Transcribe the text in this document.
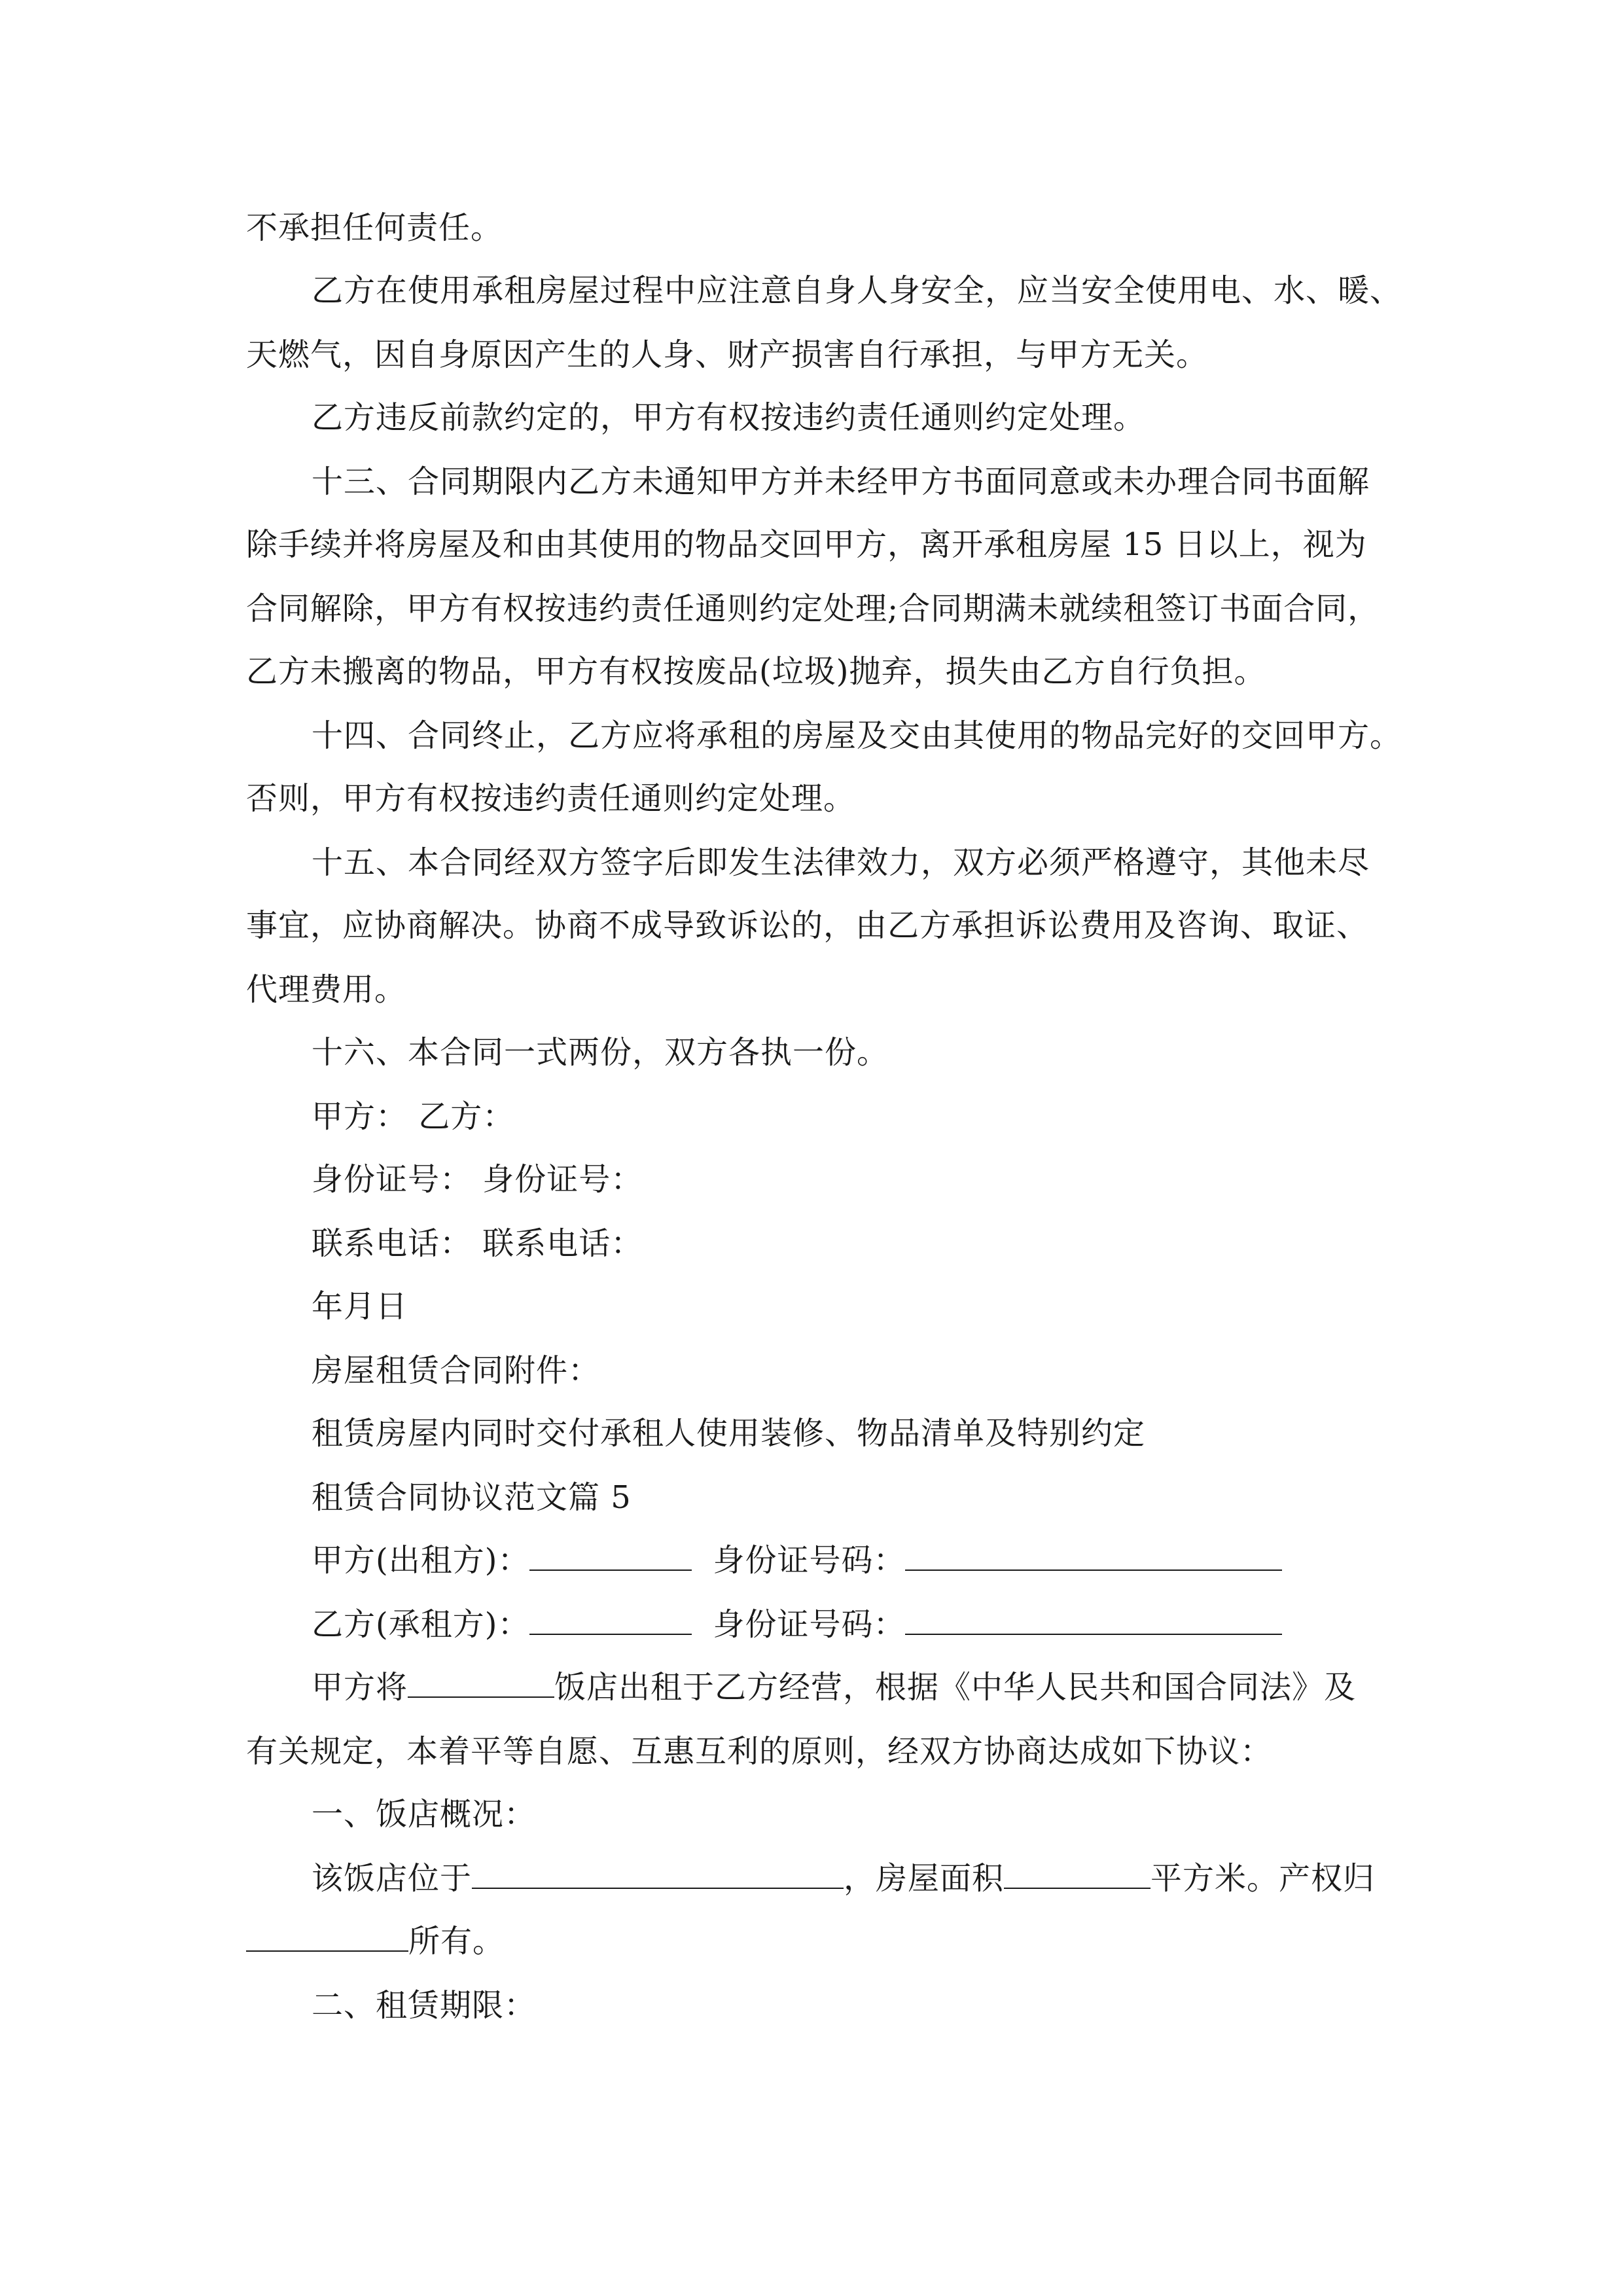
不承担任何责任。
乙方在使用承租房屋过程中应注意自身人身安全，应当安全使用电、水、暖、
天燃气，因自身原因产生的人身、财产损害自行承担，与甲方无关。
乙方违反前款约定的，甲方有权按违约责任通则约定处理。
十三、合同期限内乙方未通知甲方并未经甲方书面同意或未办理合同书面解
除手续并将房屋及和由其使用的物品交回甲方，离开承租房屋 15 日以上，视为
合同解除，甲方有权按违约责任通则约定处理;合同期满未就续租签订书面合同，
乙方未搬离的物品，甲方有权按废品(垃圾)抛弃，损失由乙方自行负担。
十四、合同终止，乙方应将承租的房屋及交由其使用的物品完好的交回甲方。
否则，甲方有权按违约责任通则约定处理。
十五、本合同经双方签字后即发生法律效力，双方必须严格遵守，其他未尽
事宜，应协商解决。协商不成导致诉讼的，由乙方承担诉讼费用及咨询、取证、
代理费用。
十六、本合同一式两份，双方各执一份。
甲方： 乙方：
身份证号： 身份证号：
联系电话： 联系电话：
年月日
房屋租赁合同附件：
租赁房屋内同时交付承租人使用装修、物品清单及特别约定
租赁合同协议范文篇 5
甲方(出租方)：	身份证号码：
乙方(承租方)：	身份证号码：
甲方将	饭店出租于乙方经营，根据《中华人民共和国合同法》及
有关规定，本着平等自愿、互惠互利的原则，经双方协商达成如下协议：
一、饭店概况：
该饭店位于	，房屋面积	平方米。产权归
所有。
二、租赁期限：
